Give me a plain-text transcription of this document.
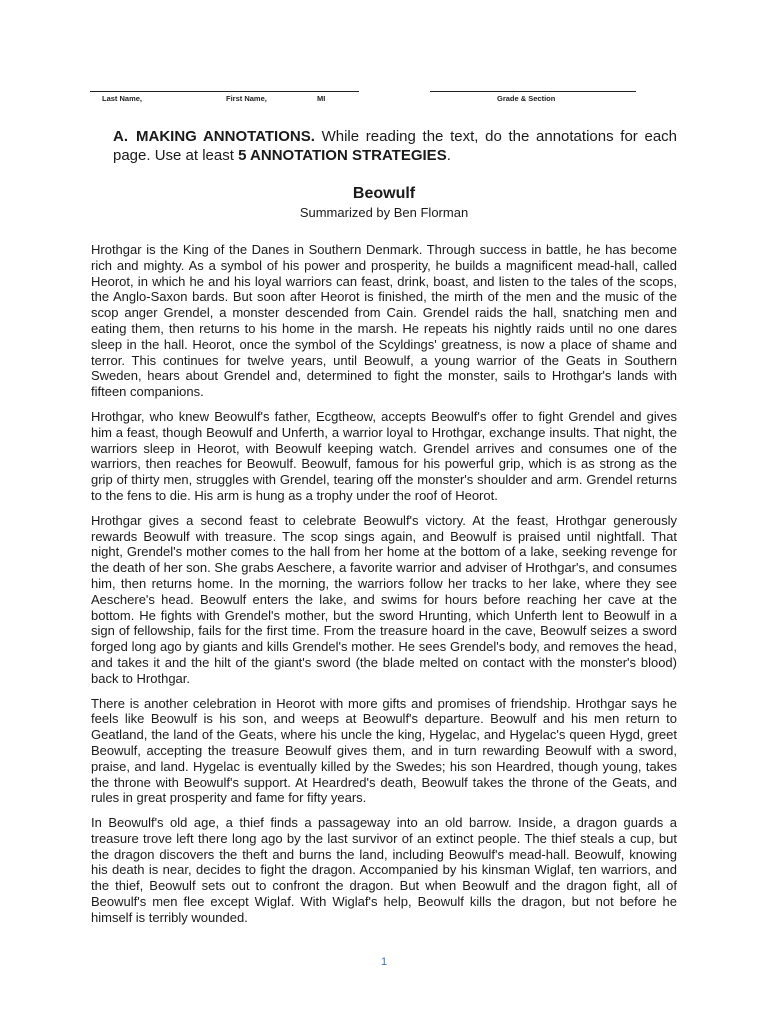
Last Name,	First Name,	MI	Grade & Section
A. MAKING ANNOTATIONS. While reading the text, do the annotations for each page. Use at least 5 ANNOTATION STRATEGIES.
Beowulf
Summarized by Ben Florman

Hrothgar is the King of the Danes in Southern Denmark. Through success in battle, he has become rich and mighty. As a symbol of his power and prosperity, he builds a magnificent mead-hall, called Heorot, in which he and his loyal warriors can feast, drink, boast, and listen to the tales of the scops, the Anglo-Saxon bards. But soon after Heorot is finished, the mirth of the men and the music of the scop anger Grendel, a monster descended from Cain. Grendel raids the hall, snatching men and eating them, then returns to his home in the marsh. He repeats his nightly raids until no one dares sleep in the hall. Heorot, once the symbol of the Scyldings' greatness, is now a place of shame and terror. This continues for twelve years, until Beowulf, a young warrior of the Geats in Southern Sweden, hears about Grendel and, determined to fight the monster, sails to Hrothgar's lands with fifteen companions.

Hrothgar, who knew Beowulf's father, Ecgtheow, accepts Beowulf's offer to fight Grendel and gives him a feast, though Beowulf and Unferth, a warrior loyal to Hrothgar, exchange insults. That night, the warriors sleep in Heorot, with Beowulf keeping watch. Grendel arrives and consumes one of the warriors, then reaches for Beowulf. Beowulf, famous for his powerful grip, which is as strong as the grip of thirty men, struggles with Grendel, tearing off the monster's shoulder and arm. Grendel returns to the fens to die. His arm is hung as a trophy under the roof of Heorot.

Hrothgar gives a second feast to celebrate Beowulf's victory. At the feast, Hrothgar generously rewards Beowulf with treasure. The scop sings again, and Beowulf is praised until nightfall. That night, Grendel's mother comes to the hall from her home at the bottom of a lake, seeking revenge for the death of her son. She grabs Aeschere, a favorite warrior and adviser of Hrothgar's, and consumes him, then returns home. In the morning, the warriors follow her tracks to her lake, where they see Aeschere's head. Beowulf enters the lake, and swims for hours before reaching her cave at the bottom. He fights with Grendel's mother, but the sword Hrunting, which Unferth lent to Beowulf in a sign of fellowship, fails for the first time. From the treasure hoard in the cave, Beowulf seizes a sword forged long ago by giants and kills Grendel's mother. He sees Grendel's body, and removes the head, and takes it and the hilt of the giant's sword (the blade melted on contact with the monster's blood) back to Hrothgar.

There is another celebration in Heorot with more gifts and promises of friendship. Hrothgar says he feels like Beowulf is his son, and weeps at Beowulf's departure. Beowulf and his men return to Geatland, the land of the Geats, where his uncle the king, Hygelac, and Hygelac's queen Hygd, greet Beowulf, accepting the treasure Beowulf gives them, and in turn rewarding Beowulf with a sword, praise, and land. Hygelac is eventually killed by the Swedes; his son Heardred, though young, takes the throne with Beowulf's support. At Heardred's death, Beowulf takes the throne of the Geats, and rules in great prosperity and fame for fifty years.

In Beowulf's old age, a thief finds a passageway into an old barrow. Inside, a dragon guards a treasure trove left there long ago by the last survivor of an extinct people. The thief steals a cup, but the dragon discovers the theft and burns the land, including Beowulf's mead-hall. Beowulf, knowing his death is near, decides to fight the dragon. Accompanied by his kinsman Wiglaf, ten warriors, and the thief, Beowulf sets out to confront the dragon. But when Beowulf and the dragon fight, all of Beowulf's men flee except Wiglaf. With Wiglaf's help, Beowulf kills the dragon, but not before he himself is terribly wounded.

1
